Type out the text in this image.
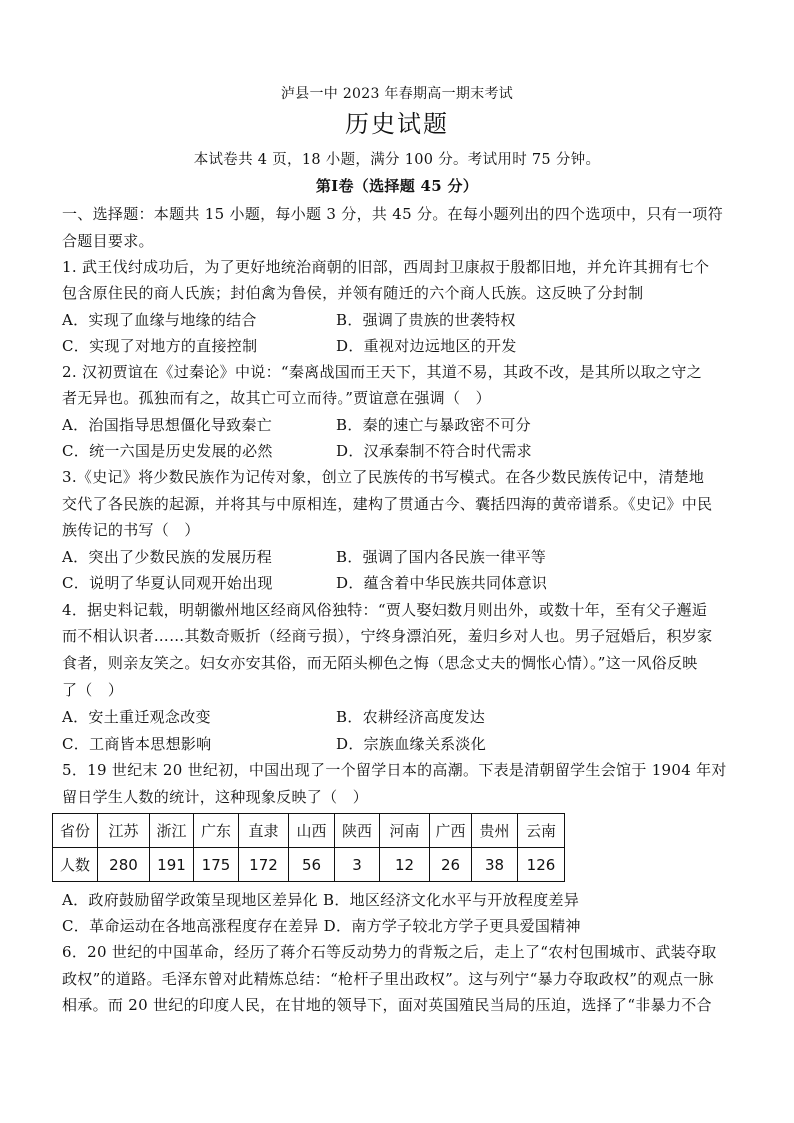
泸县一中 2023 年春期高一期末考试
历史试题
本试卷共 4 页，18 小题，满分 100 分。考试用时 75 分钟。
第Ⅰ卷（选择题 45 分）
一、选择题：本题共 15 小题，每小题 3 分，共 45 分。在每小题列出的四个选项中，只有一项符
合题目要求。
1. 武王伐纣成功后，为了更好地统治商朝的旧部，西周封卫康叔于殷都旧地，并允许其拥有七个
包含原住民的商人氏族；封伯禽为鲁侯，并领有随迁的六个商人氏族。这反映了分封制
A．实现了血缘与地缘的结合	B．强调了贵族的世袭特权
C．实现了对地方的直接控制	D．重视对边远地区的开发
2. 汉初贾谊在《过秦论》中说：“秦离战国而王天下，其道不易，其政不改，是其所以取之守之
者无异也。孤独而有之，故其亡可立而待。”贾谊意在强调（　）
A．治国指导思想僵化导致秦亡	B．秦的速亡与暴政密不可分
C．统一六国是历史发展的必然	D．汉承秦制不符合时代需求
3.《史记》将少数民族作为记传对象，创立了民族传的书写模式。在各少数民族传记中，清楚地
交代了各民族的起源，并将其与中原相连，建构了贯通古今、囊括四海的黄帝谱系。《史记》中民
族传记的书写（　）
A．突出了少数民族的发展历程	B．强调了国内各民族一律平等
C．说明了华夏认同观开始出现	D．蕴含着中华民族共同体意识
4．据史料记载，明朝徽州地区经商风俗独特：“贾人娶妇数月则出外，或数十年，至有父子邂逅
而不相认识者……其数奇贩折（经商亏损），宁终身漂泊死，羞归乡对人也。男子冠婚后，积岁家
食者，则亲友笑之。妇女亦安其俗，而无陌头柳色之悔（思念丈夫的惆怅心情）。”这一风俗反映
了（　）
A．安土重迁观念改变	B．农耕经济高度发达
C．工商皆本思想影响	D．宗族血缘关系淡化
5．19 世纪末 20 世纪初，中国出现了一个留学日本的高潮。下表是清朝留学生会馆于 1904 年对
留日学生人数的统计，这种现象反映了（　）
省份	江苏	浙江	广东	直隶	山西	陕西	河南	广西	贵州	云南
人数	280	191	175	172	56	3	12	26	38	126
A．政府鼓励留学政策呈现地区差异化 B．地区经济文化水平与开放程度差异
C．革命运动在各地高涨程度存在差异 D．南方学子较北方学子更具爱国精神
6．20 世纪的中国革命，经历了蒋介石等反动势力的背叛之后，走上了“农村包围城市、武装夺取
政权”的道路。毛泽东曾对此精炼总结：“枪杆子里出政权”。这与列宁“暴力夺取政权”的观点一脉
相承。而 20 世纪的印度人民，在甘地的领导下，面对英国殖民当局的压迫，选择了“非暴力不合
